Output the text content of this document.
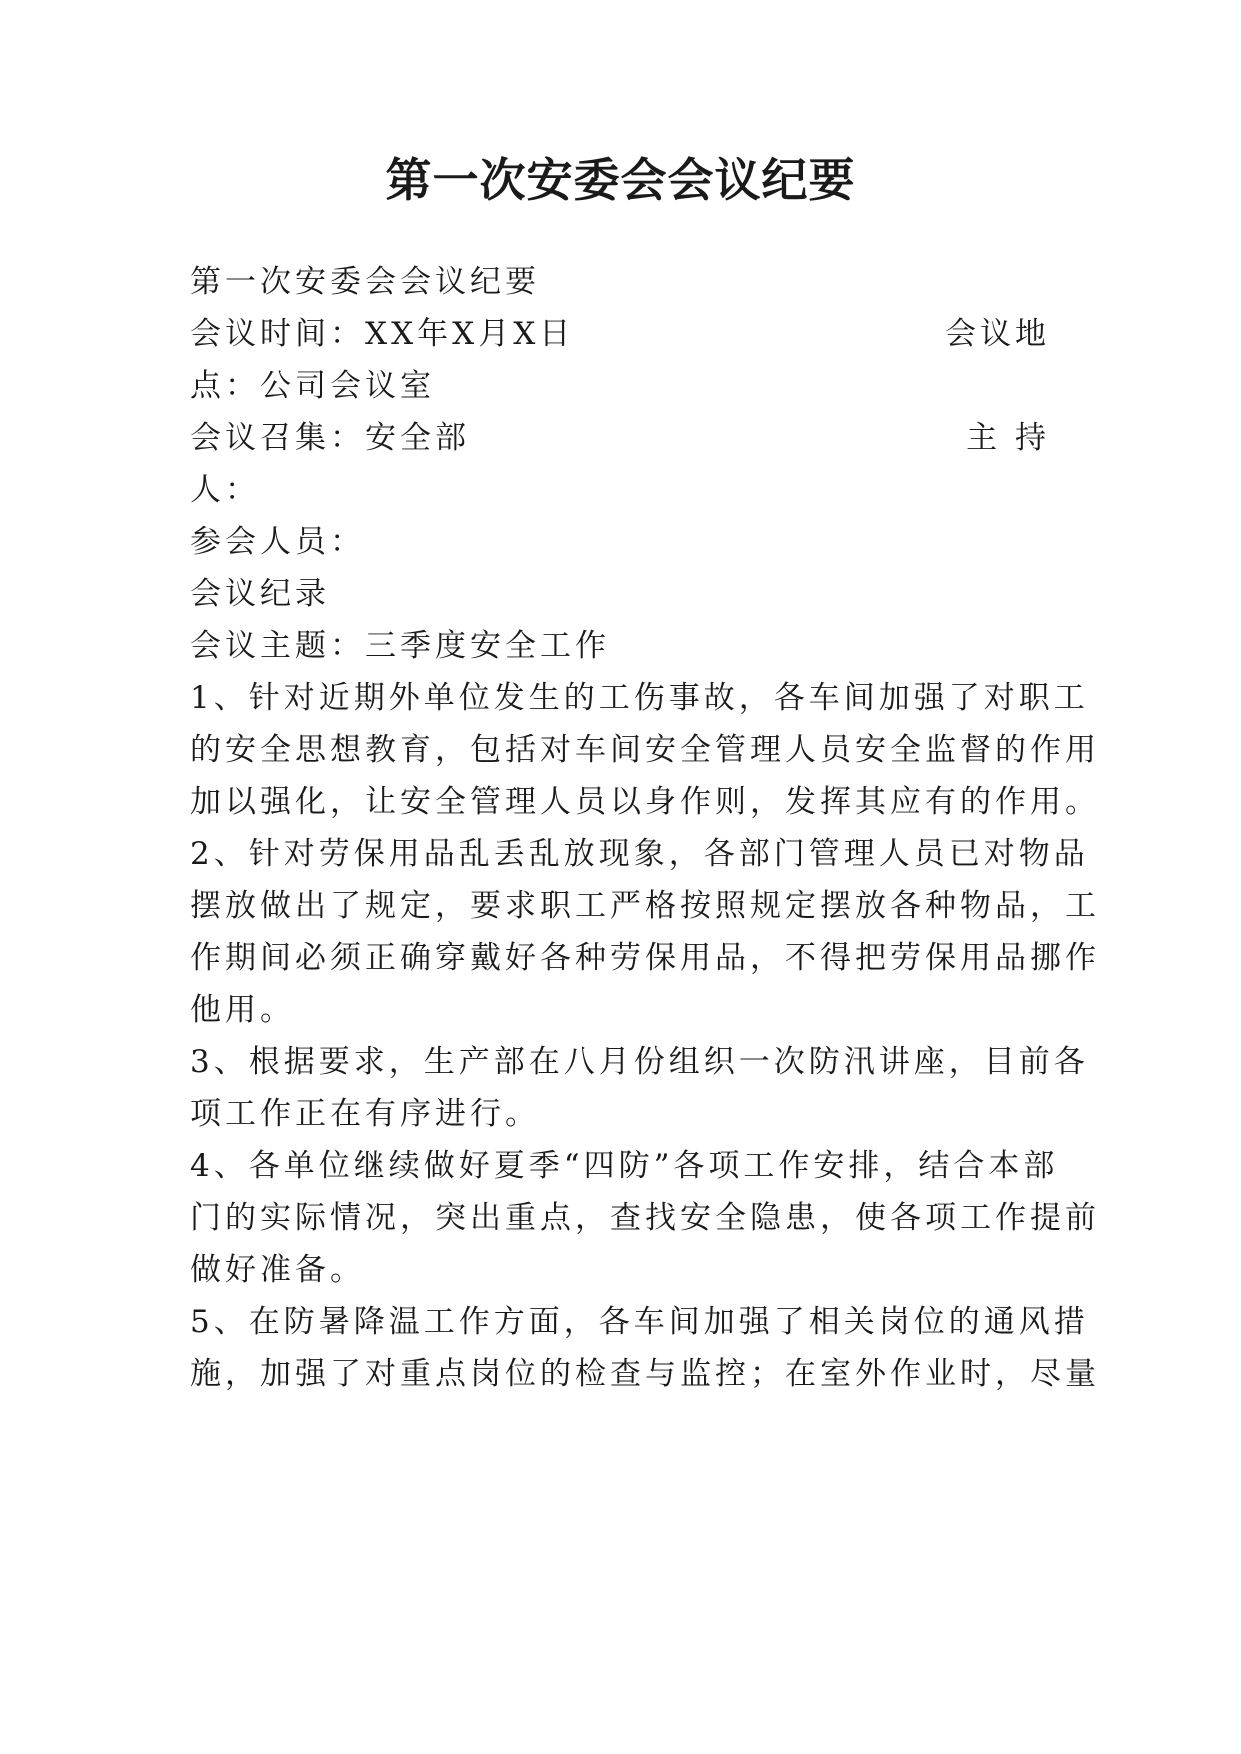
第一次安委会会议纪要
第一次安委会会议纪要
会议时间：XX年X月X日	会议地
点：公司会议室
会议召集：安全部	主 持
人：
参会人员：
会议纪录
会议主题：三季度安全工作
1、针对近期外单位发生的工伤事故，各车间加强了对职工
的安全思想教育，包括对车间安全管理人员安全监督的作用
加以强化，让安全管理人员以身作则，发挥其应有的作用。
2、针对劳保用品乱丢乱放现象，各部门管理人员已对物品
摆放做出了规定，要求职工严格按照规定摆放各种物品，工
作期间必须正确穿戴好各种劳保用品，不得把劳保用品挪作
他用。
3、根据要求，生产部在八月份组织一次防汛讲座，目前各
项工作正在有序进行。
4、各单位继续做好夏季“四防”各项工作安排，结合本部
门的实际情况，突出重点，查找安全隐患，使各项工作提前
做好准备。
5、在防暑降温工作方面，各车间加强了相关岗位的通风措
施，加强了对重点岗位的检查与监控；在室外作业时，尽量
